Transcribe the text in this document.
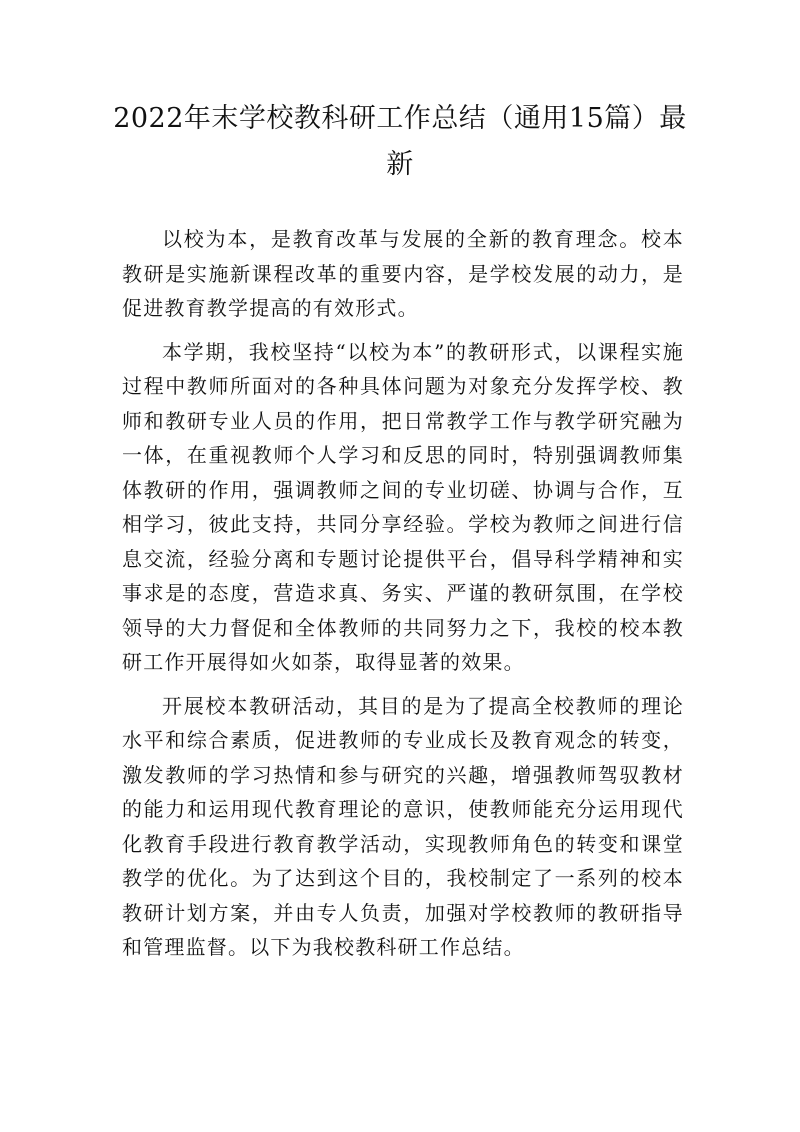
2022年末学校教科研工作总结（通用15篇）最新

以校为本，是教育改革与发展的全新的教育理念。校本教研是实施新课程改革的重要内容，是学校发展的动力，是促进教育教学提高的有效形式。

本学期，我校坚持“以校为本”的教研形式，以课程实施过程中教师所面对的各种具体问题为对象充分发挥学校、教师和教研专业人员的作用，把日常教学工作与教学研究融为一体，在重视教师个人学习和反思的同时，特别强调教师集体教研的作用，强调教师之间的专业切磋、协调与合作，互相学习，彼此支持，共同分享经验。学校为教师之间进行信息交流，经验分离和专题讨论提供平台，倡导科学精神和实事求是的态度，营造求真、务实、严谨的教研氛围，在学校领导的大力督促和全体教师的共同努力之下，我校的校本教研工作开展得如火如荼，取得显著的效果。

开展校本教研活动，其目的是为了提高全校教师的理论水平和综合素质，促进教师的专业成长及教育观念的转变，激发教师的学习热情和参与研究的兴趣，增强教师驾驭教材的能力和运用现代教育理论的意识，使教师能充分运用现代化教育手段进行教育教学活动，实现教师角色的转变和课堂教学的优化。为了达到这个目的，我校制定了一系列的校本教研计划方案，并由专人负责，加强对学校教师的教研指导和管理监督。以下为我校教科研工作总结。
